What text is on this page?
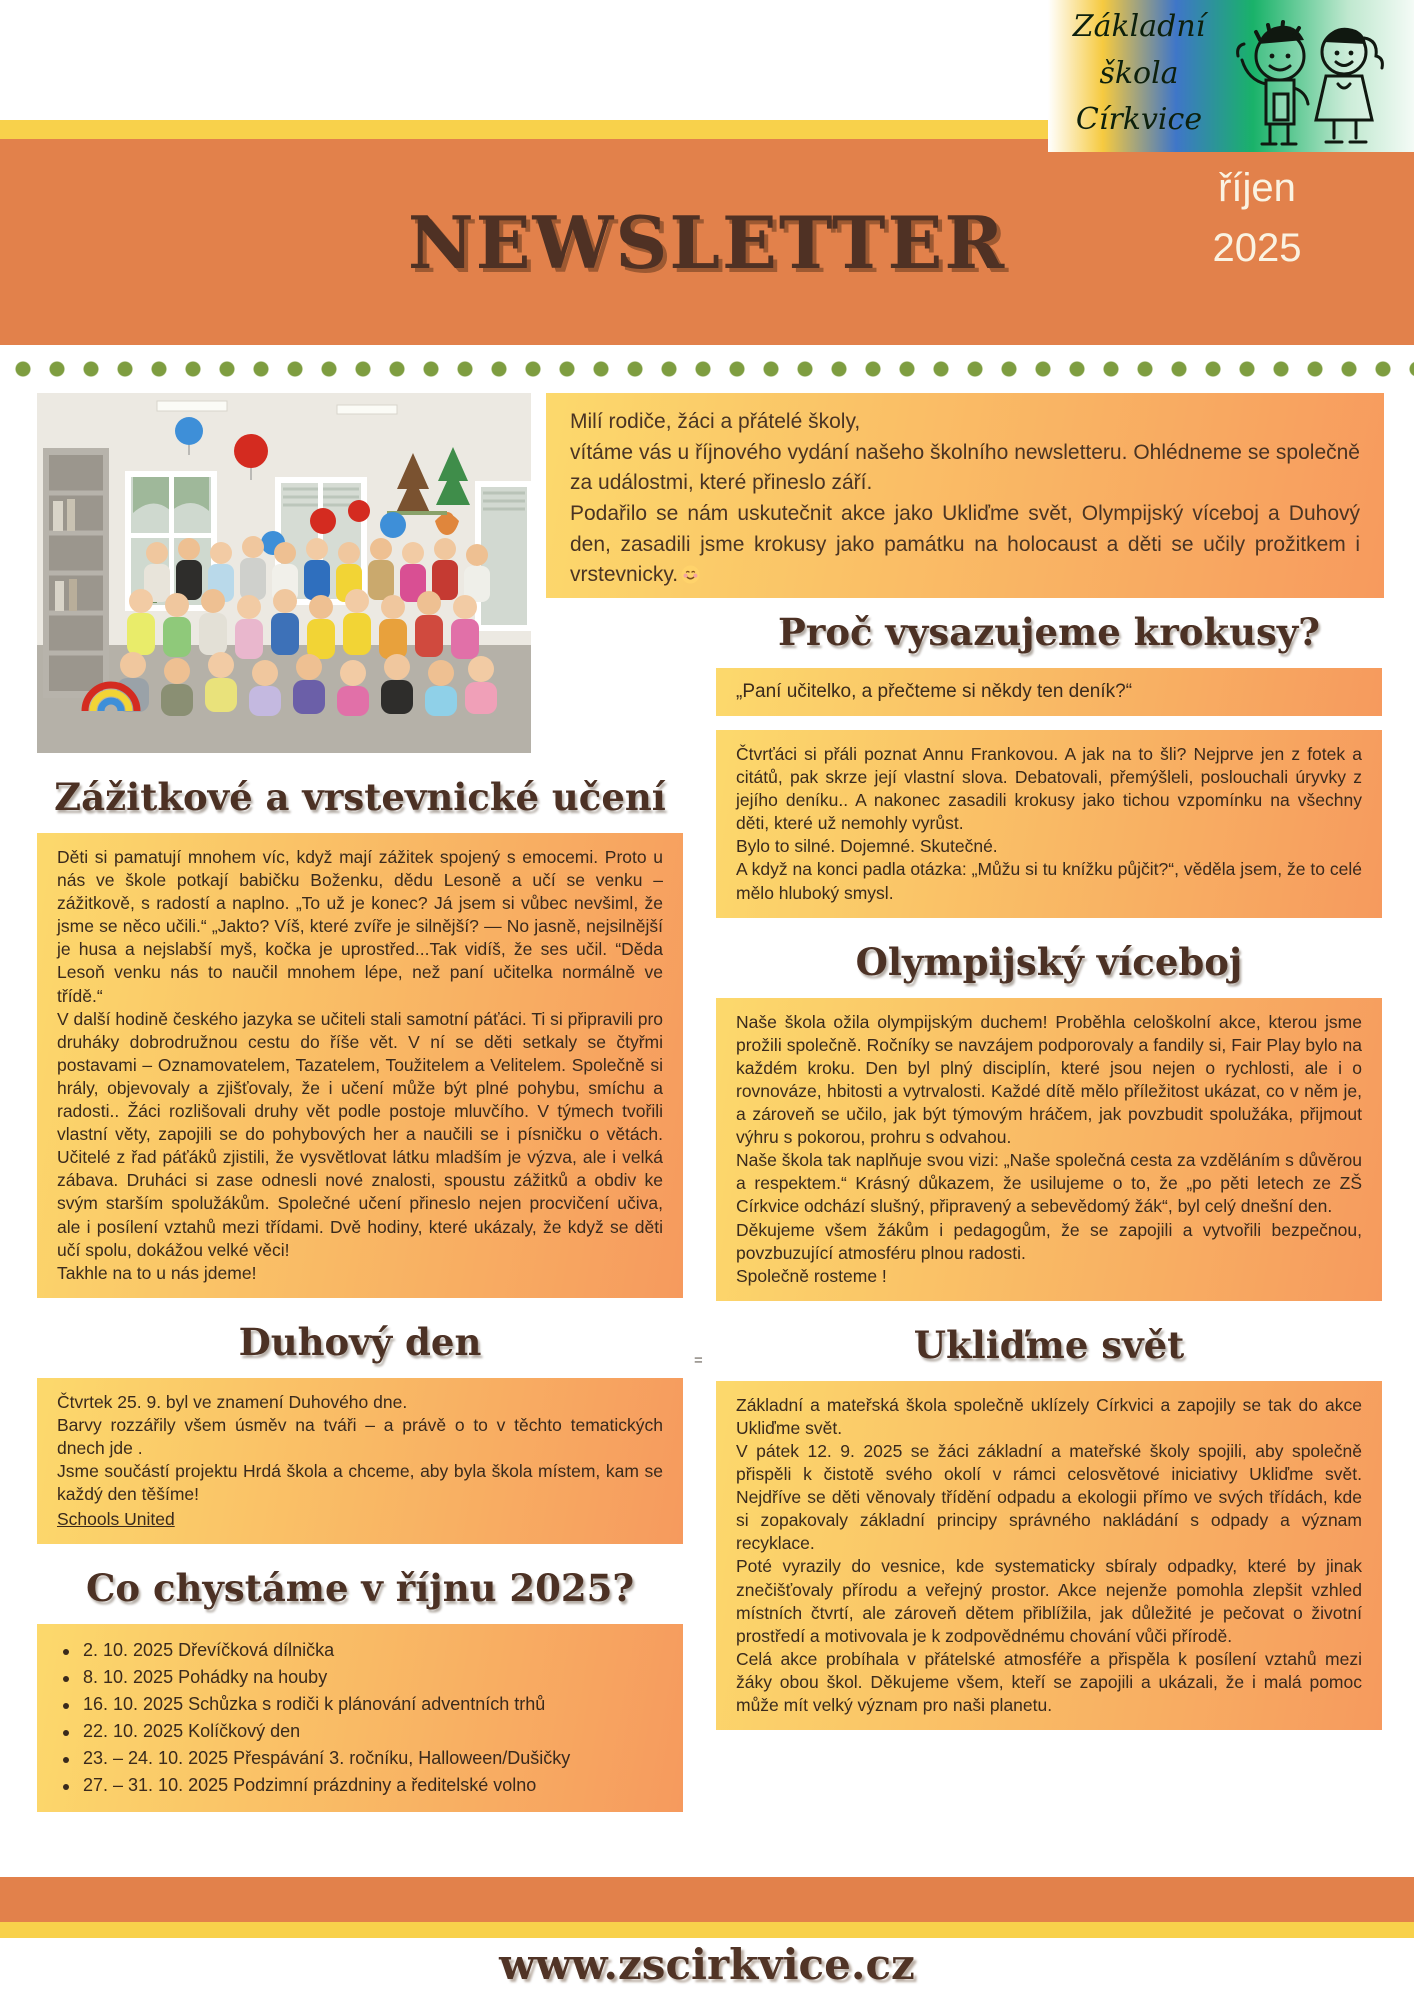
NEWSLETTER
říjen
2025
Základní
škola
Církvice

Milí rodiče, žáci a přátelé školy,

vítáme vás u říjnového vydání našeho školního newsletteru. Ohlédneme se společně za událostmi, které přineslo září.

Podařilo se nám uskutečnit akce jako Ukliďme svět, Olympijský víceboj a Duhový den, zasadili jsme krokusy jako památku na holocaust a děti se učily prožitkem i vrstevnicky.

Zážitkové a vrstevnické učení

Děti si pamatují mnohem víc, když mají zážitek spojený s emocemi. Proto u nás ve škole potkají babičku Boženku, dědu Lesoně a učí se venku – zážitkově, s radostí a naplno. „To už je konec? Já jsem si vůbec nevšiml, že jsme se něco učili.“ „Jakto? Víš, které zvíře je silnější? — No jasně, nejsilnější je husa a nejslabší myš, kočka je uprostřed...Tak vidíš, že ses učil. “Děda Lesoň venku nás to naučil mnohem lépe, než paní učitelka normálně ve třídě.“

V další hodině českého jazyka se učiteli stali samotní páťáci. Ti si připravili pro druháky dobrodružnou cestu do říše vět. V ní se děti setkaly se čtyřmi postavami – Oznamovatelem, Tazatelem, Toužitelem a Velitelem. Společně si hrály, objevovaly a zjišťovaly, že i učení může být plné pohybu, smíchu a radosti.. Žáci rozlišovali druhy vět podle postoje mluvčího. V týmech tvořili vlastní věty, zapojili se do pohybových her a naučili se i písničku o větách. Učitelé z řad páťáků zjistili, že vysvětlovat látku mladším je výzva, ale i velká zábava. Druháci si zase odnesli nové znalosti, spoustu zážitků a obdiv ke svým starším spolužákům. Společné učení přineslo nejen procvičení učiva, ale i posílení vztahů mezi třídami. Dvě hodiny, které ukázaly, že když se děti učí spolu, dokážou velké věci!

Takhle na to u nás jdeme!

Duhový den

Čtvrtek 25. 9. byl ve znamení Duhového dne.

Barvy rozzářily všem úsměv na tváři – a právě o to v těchto tematických dnech jde .

Jsme součástí projektu Hrdá škola a chceme, aby byla škola místem, kam se každý den těšíme!

Schools United
Co chystáme v říjnu 2025?
2. 10. 2025 Dřevíčková dílnička
8. 10. 2025 Pohádky na houby
16. 10. 2025 Schůzka s rodiči k plánování adventních trhů
22. 10. 2025 Kolíčkový den
23. – 24. 10. 2025 Přespávání 3. ročníku, Halloween/Dušičky
27. – 31. 10. 2025 Podzimní prázdniny a ředitelské volno
=
Proč vysazujeme krokusy?
„Paní učitelko, a přečteme si někdy ten deník?“

Čtvrťáci si přáli poznat Annu Frankovou. A jak na to šli? Nejprve jen z fotek a citátů, pak skrze její vlastní slova. Debatovali, přemýšleli, poslouchali úryvky z jejího deníku.. A nakonec zasadili krokusy jako tichou vzpomínku na všechny děti, které už nemohly vyrůst.

Bylo to silné. Dojemné. Skutečné.

A když na konci padla otázka: „Můžu si tu knížku půjčit?“, věděla jsem, že to celé mělo hluboký smysl.

Olympijský víceboj

Naše škola ožila olympijským duchem! Proběhla celoškolní akce, kterou jsme prožili společně. Ročníky se navzájem podporovaly a fandily si, Fair Play bylo na každém kroku. Den byl plný disciplín, které jsou nejen o rychlosti, ale i o rovnováze, hbitosti a vytrvalosti. Každé dítě mělo příležitost ukázat, co v něm je, a zároveň se učilo, jak být týmovým hráčem, jak povzbudit spolužáka, přijmout výhru s pokorou, prohru s odvahou.

Naše škola tak naplňuje svou vizi: „Naše společná cesta za vzděláním s důvěrou a respektem.“ Krásný důkazem, že usilujeme o to, že „po pěti letech ze ZŠ Církvice odchází slušný, připravený a sebevědomý žák“, byl celý dnešní den.

Děkujeme všem žákům i pedagogům, že se zapojili a vytvořili bezpečnou, povzbuzující atmosféru plnou radosti.

Společně rosteme !

Ukliďme svět

Základní a mateřská škola společně uklízely Církvici a zapojily se tak do akce Ukliďme svět.

V pátek 12. 9. 2025 se žáci základní a mateřské školy spojili, aby společně přispěli k čistotě svého okolí v rámci celosvětové iniciativy Ukliďme svět. Nejdříve se děti věnovaly třídění odpadu a ekologii přímo ve svých třídách, kde si zopakovaly základní principy správného nakládání s odpady a význam recyklace.

Poté vyrazily do vesnice, kde systematicky sbíraly odpadky, které by jinak znečišťovaly přírodu a veřejný prostor. Akce nejenže pomohla zlepšit vzhled místních čtvrtí, ale zároveň dětem přiblížila, jak důležité je pečovat o životní prostředí a motivovala je k zodpovědnému chování vůči přírodě.

Celá akce probíhala v přátelské atmosféře a přispěla k posílení vztahů mezi žáky obou škol. Děkujeme všem, kteří se zapojili a ukázali, že i malá pomoc může mít velký význam pro naši planetu.

www.zscirkvice.cz
